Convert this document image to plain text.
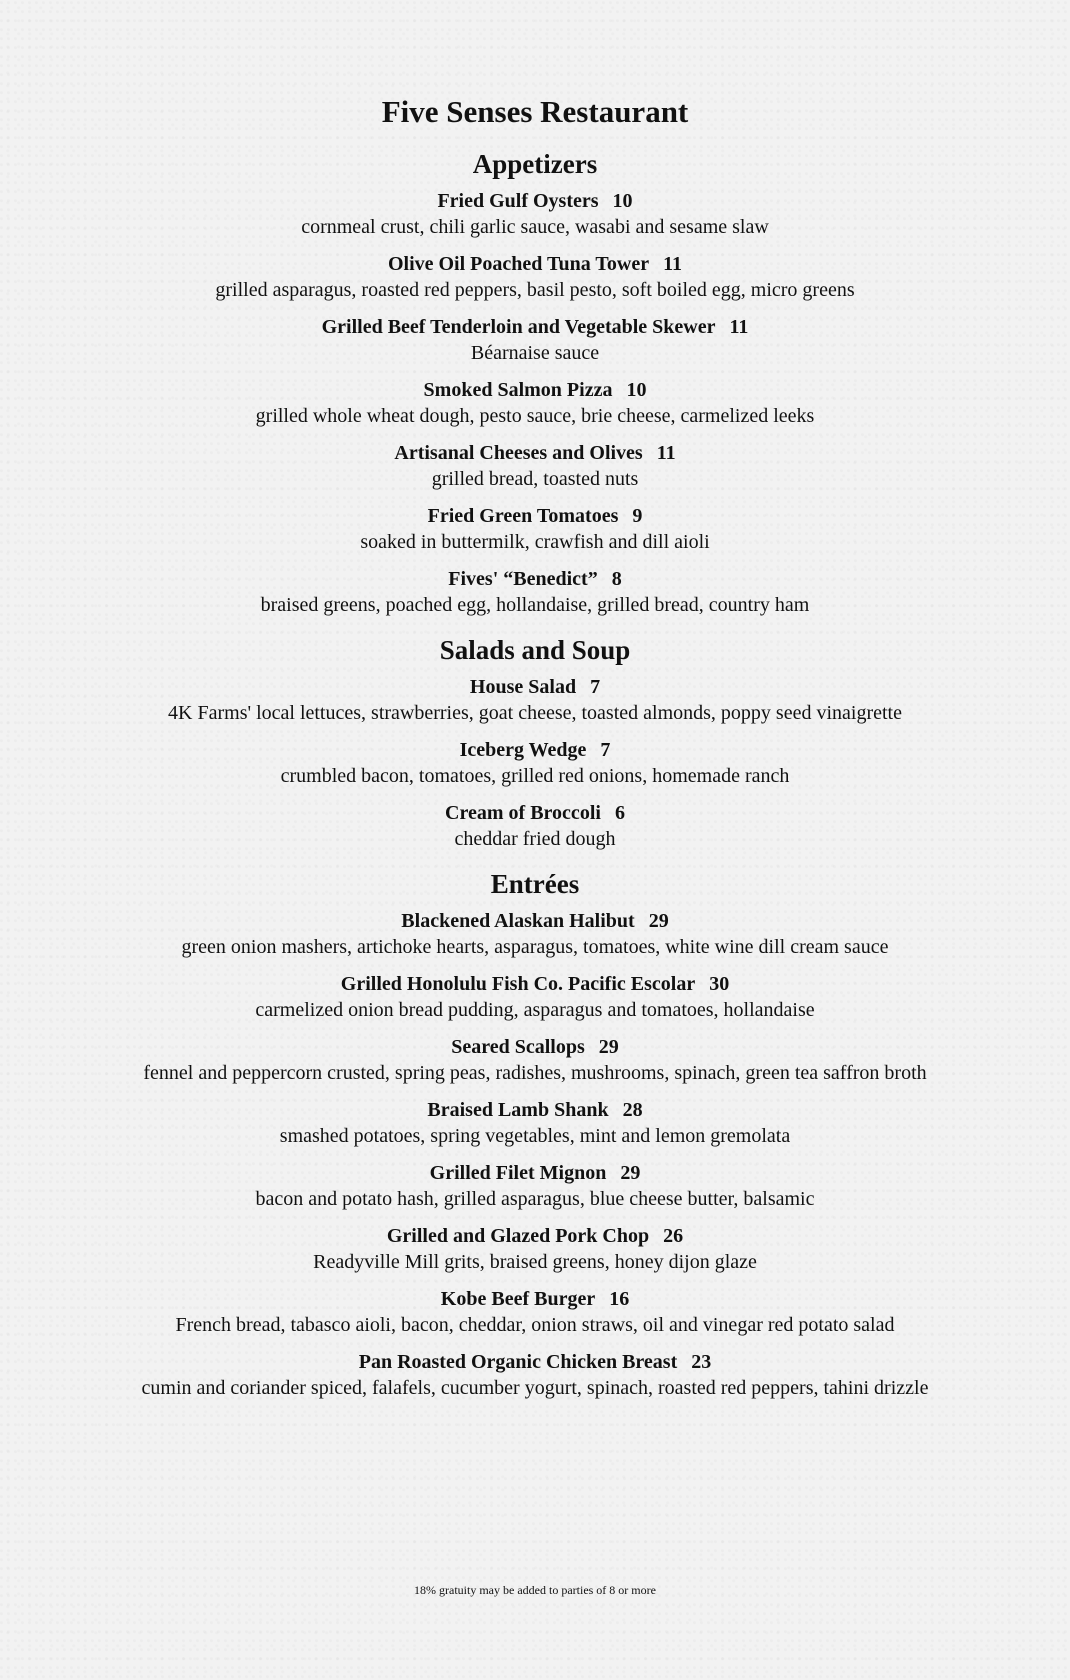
Five Senses Restaurant
Appetizers
Fried Gulf Oysters 10
cornmeal crust, chili garlic sauce, wasabi and sesame slaw
Olive Oil Poached Tuna Tower 11
grilled asparagus, roasted red peppers, basil pesto, soft boiled egg, micro greens
Grilled Beef Tenderloin and Vegetable Skewer 11
Béarnaise sauce
Smoked Salmon Pizza 10
grilled whole wheat dough, pesto sauce, brie cheese, carmelized leeks
Artisanal Cheeses and Olives 11
grilled bread, toasted nuts
Fried Green Tomatoes 9
soaked in buttermilk, crawfish and dill aioli
Fives' “Benedict” 8
braised greens, poached egg, hollandaise, grilled bread, country ham
Salads and Soup
House Salad 7
4K Farms' local lettuces, strawberries, goat cheese, toasted almonds, poppy seed vinaigrette
Iceberg Wedge 7
crumbled bacon, tomatoes, grilled red onions, homemade ranch
Cream of Broccoli 6
cheddar fried dough
Entrées
Blackened Alaskan Halibut 29
green onion mashers, artichoke hearts, asparagus, tomatoes, white wine dill cream sauce
Grilled Honolulu Fish Co. Pacific Escolar 30
carmelized onion bread pudding, asparagus and tomatoes, hollandaise
Seared Scallops 29
fennel and peppercorn crusted, spring peas, radishes, mushrooms, spinach, green tea saffron broth
Braised Lamb Shank 28
smashed potatoes, spring vegetables, mint and lemon gremolata
Grilled Filet Mignon 29
bacon and potato hash, grilled asparagus, blue cheese butter, balsamic
Grilled and Glazed Pork Chop 26
Readyville Mill grits, braised greens, honey dijon glaze
Kobe Beef Burger 16
French bread, tabasco aioli, bacon, cheddar, onion straws, oil and vinegar red potato salad
Pan Roasted Organic Chicken Breast 23
cumin and coriander spiced, falafels, cucumber yogurt, spinach, roasted red peppers, tahini drizzle
18% gratuity may be added to parties of 8 or more
